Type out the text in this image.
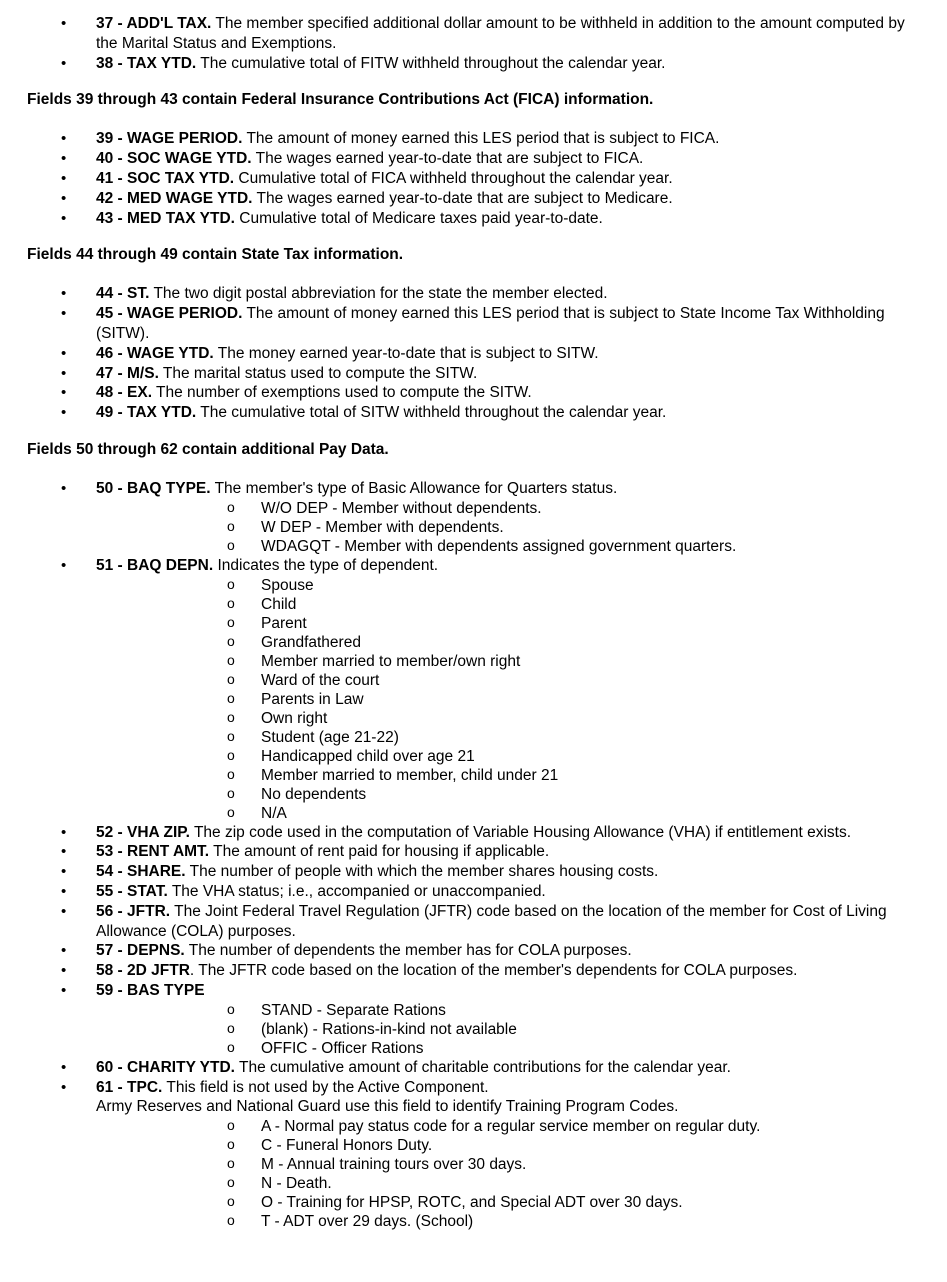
• 37 - ADD'L TAX. The member specified additional dollar amount to be withheld in addition to the amount computed by the Marital Status and Exemptions.
• 38 - TAX YTD. The cumulative total of FITW withheld throughout the calendar year.
Fields 39 through 43 contain Federal Insurance Contributions Act (FICA) information.
• 39 - WAGE PERIOD. The amount of money earned this LES period that is subject to FICA.
• 40 - SOC WAGE YTD. The wages earned year-to-date that are subject to FICA.
• 41 - SOC TAX YTD. Cumulative total of FICA withheld throughout the calendar year.
• 42 - MED WAGE YTD. The wages earned year-to-date that are subject to Medicare.
• 43 - MED TAX YTD. Cumulative total of Medicare taxes paid year-to-date.
Fields 44 through 49 contain State Tax information.
• 44 - ST. The two digit postal abbreviation for the state the member elected.
• 45 - WAGE PERIOD. The amount of money earned this LES period that is subject to State Income Tax Withholding (SITW).
• 46 - WAGE YTD. The money earned year-to-date that is subject to SITW.
• 47 - M/S. The marital status used to compute the SITW.
• 48 - EX. The number of exemptions used to compute the SITW.
• 49 - TAX YTD. The cumulative total of SITW withheld throughout the calendar year.
Fields 50 through 62 contain additional Pay Data.
• 50 - BAQ TYPE. The member's type of Basic Allowance for Quarters status.
o W/O DEP - Member without dependents.
o W DEP - Member with dependents.
o WDAGQT - Member with dependents assigned government quarters.
• 51 - BAQ DEPN. Indicates the type of dependent.
o Spouse
o Child
o Parent
o Grandfathered
o Member married to member/own right
o Ward of the court
o Parents in Law
o Own right
o Student (age 21-22)
o Handicapped child over age 21
o Member married to member, child under 21
o No dependents
o N/A
• 52 - VHA ZIP. The zip code used in the computation of Variable Housing Allowance (VHA) if entitlement exists.
• 53 - RENT AMT. The amount of rent paid for housing if applicable.
• 54 - SHARE. The number of people with which the member shares housing costs.
• 55 - STAT. The VHA status; i.e., accompanied or unaccompanied.
• 56 - JFTR. The Joint Federal Travel Regulation (JFTR) code based on the location of the member for Cost of Living Allowance (COLA) purposes.
• 57 - DEPNS. The number of dependents the member has for COLA purposes.
• 58 - 2D JFTR. The JFTR code based on the location of the member's dependents for COLA purposes.
• 59 - BAS TYPE
o STAND - Separate Rations
o (blank) - Rations-in-kind not available
o OFFIC - Officer Rations
• 60 - CHARITY YTD. The cumulative amount of charitable contributions for the calendar year.
• 61 - TPC. This field is not used by the Active Component.
Army Reserves and National Guard use this field to identify Training Program Codes.
o A - Normal pay status code for a regular service member on regular duty.
o C - Funeral Honors Duty.
o M - Annual training tours over 30 days.
o N - Death.
o O - Training for HPSP, ROTC, and Special ADT over 30 days.
o T - ADT over 29 days. (School)
